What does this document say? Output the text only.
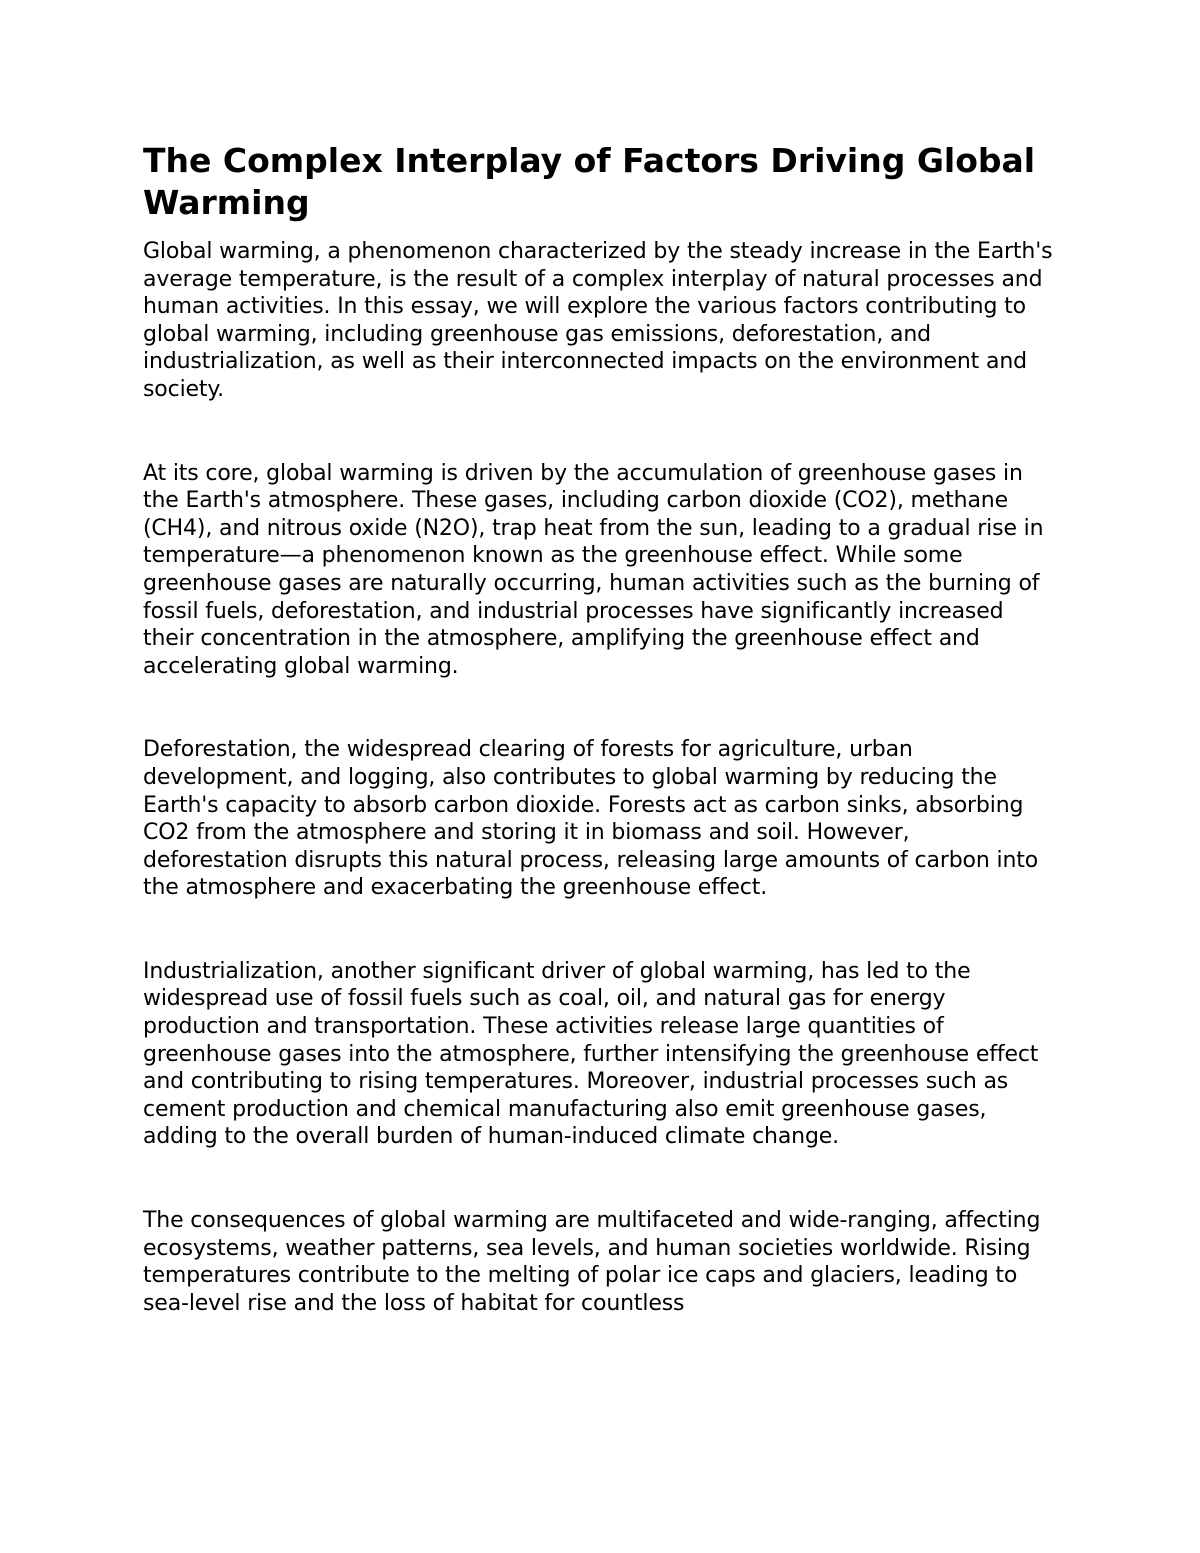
The Complex Interplay of Factors Driving Global Warming

Global warming, a phenomenon characterized by the steady increase in the Earth's average temperature, is the result of a complex interplay of natural processes and human activities. In this essay, we will explore the various factors contributing to global warming, including greenhouse gas emissions, deforestation, and industrialization, as well as their interconnected impacts on the environment and society.

At its core, global warming is driven by the accumulation of greenhouse gases in the Earth's atmosphere. These gases, including carbon dioxide (CO2), methane (CH4), and nitrous oxide (N2O), trap heat from the sun, leading to a gradual rise in temperature—a phenomenon known as the greenhouse effect. While some greenhouse gases are naturally occurring, human activities such as the burning of fossil fuels, deforestation, and industrial processes have significantly increased their concentration in the atmosphere, amplifying the greenhouse effect and accelerating global warming.

Deforestation, the widespread clearing of forests for agriculture, urban development, and logging, also contributes to global warming by reducing the Earth's capacity to absorb carbon dioxide. Forests act as carbon sinks, absorbing CO2 from the atmosphere and storing it in biomass and soil. However, deforestation disrupts this natural process, releasing large amounts of carbon into the atmosphere and exacerbating the greenhouse effect.

Industrialization, another significant driver of global warming, has led to the widespread use of fossil fuels such as coal, oil, and natural gas for energy production and transportation. These activities release large quantities of greenhouse gases into the atmosphere, further intensifying the greenhouse effect and contributing to rising temperatures. Moreover, industrial processes such as cement production and chemical manufacturing also emit greenhouse gases, adding to the overall burden of human-induced climate change.

The consequences of global warming are multifaceted and wide-ranging, affecting ecosystems, weather patterns, sea levels, and human societies worldwide. Rising temperatures contribute to the melting of polar ice caps and glaciers, leading to sea-level rise and the loss of habitat for countless
